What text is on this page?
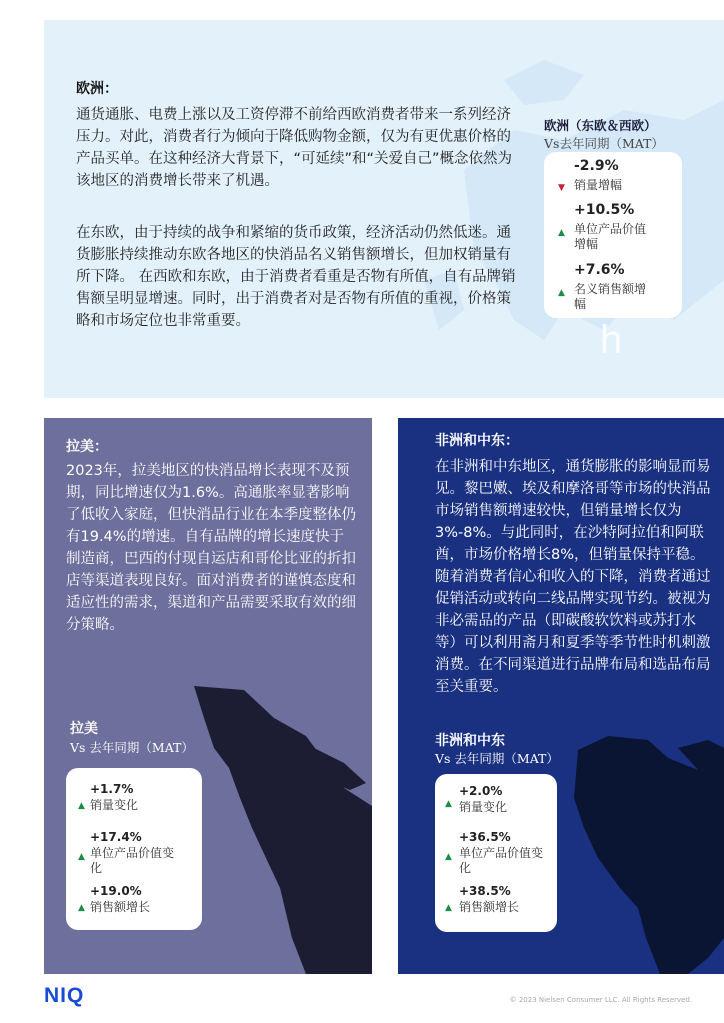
欧洲：

通货通胀、电费上涨以及工资停滞不前给西欧消费者带来一系列经济压力。对此，消费者行为倾向于降低购物金额，仅为有更优惠价格的产品买单。在这种经济大背景下，“可延续”和“关爱自己”概念依然为该地区的消费增长带来了机遇。

在东欧，由于持续的战争和紧缩的货币政策，经济活动仍然低迷。通货膨胀持续推动东欧各地区的快消品名义销售额增长，但加权销量有所下降。 在西欧和东欧，由于消费者看重是否物有所值，自有品牌销售额呈明显增速。同时，出于消费者对是否物有所值的重视，价格策略和市场定位也非常重要。

欧洲（东欧＆西欧）
Vs去年同期（MAT）
-2.9%
▼ 销量增幅
+10.5%
▲ 单位产品价值增幅
+7.6%
▲ 名义销售额增幅
h
拉美：

2023年，拉美地区的快消品增长表现不及预期，同比增速仅为1.6%。高通胀率显著影响了低收入家庭，但快消品行业在本季度整体仍有19.4%的增速。自有品牌的增长速度快于制造商，巴西的付现自运店和哥伦比亚的折扣店等渠道表现良好。面对消费者的谨慎态度和适应性的需求，渠道和产品需要采取有效的细分策略。

拉美
Vs 去年同期（MAT）
+1.7%
▲ 销量变化
+17.4%
▲ 单位产品价值变化
+19.0%
▲ 销售额增长
非洲和中东：

在非洲和中东地区，通货膨胀的影响显而易见。黎巴嫩、埃及和摩洛哥等市场的快消品市场销售额增速较快，但销量增长仅为3%-8%。与此同时，在沙特阿拉伯和阿联酋，市场价格增长8%，但销量保持平稳。随着消费者信心和收入的下降，消费者通过促销活动或转向二线品牌实现节约。被视为非必需品的产品（即碳酸软饮料或苏打水等）可以利用斋月和夏季等季节性时机刺激消费。在不同渠道进行品牌布局和选品布局至关重要。

非洲和中东
Vs 去年同期（MAT）
+2.0%
▲ 销量变化
+36.5%
▲ 单位产品价值变化
+38.5%
▲ 销售额增长
NIQ	© 2023 Nielsen Consumer LLC. All Rights Reserved.
